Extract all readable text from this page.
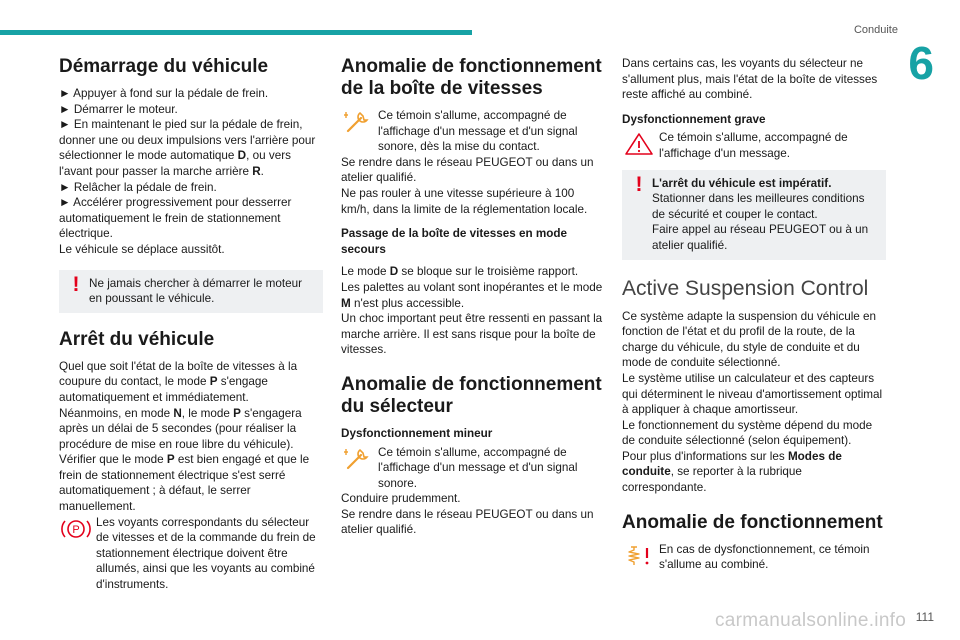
Conduite
6
Démarrage du véhicule

► Appuyer à fond sur la pédale de frein.

► Démarrer le moteur.

► En maintenant le pied sur la pédale de frein, donner une ou deux impulsions vers l'arrière pour sélectionner le mode automatique D, ou vers l'avant pour passer la marche arrière R.

► Relâcher la pédale de frein.

► Accélérer progressivement pour desserrer automatiquement le frein de stationnement électrique.

Le véhicule se déplace aussitôt.

! Ne jamais chercher à démarrer le moteur en poussant le véhicule.

Arrêt du véhicule

Quel que soit l'état de la boîte de vitesses à la coupure du contact, le mode P s'engage automatiquement et immédiatement.

Néanmoins, en mode N, le mode P s'engagera après un délai de 5 secondes (pour réaliser la procédure de mise en roue libre du véhicule).

Vérifier que le mode P est bien engagé et que le frein de stationnement électrique s'est serré automatiquement ; à défaut, le serrer manuellement.

P

Les voyants correspondants du sélecteur de vitesses et de la commande du frein de stationnement électrique doivent être allumés, ainsi que les voyants au combiné d'instruments.

Anomalie de fonctionnement de la boîte de vitesses

Ce témoin s'allume, accompagné de l'affichage d'un message et d'un signal sonore, dès la mise du contact.

Se rendre dans le réseau PEUGEOT ou dans un atelier qualifié.

Ne pas rouler à une vitesse supérieure à 100 km/h, dans la limite de la réglementation locale.

Passage de la boîte de vitesses en mode secours

Le mode D se bloque sur le troisième rapport.

Les palettes au volant sont inopérantes et le mode M n'est plus accessible.

Un choc important peut être ressenti en passant la marche arrière. Il est sans risque pour la boîte de vitesses.

Anomalie de fonctionnement du sélecteur
Dysfonctionnement mineur

Ce témoin s'allume, accompagné de l'affichage d'un message et d'un signal sonore.

Conduire prudemment.

Se rendre dans le réseau PEUGEOT ou dans un atelier qualifié.

Dans certains cas, les voyants du sélecteur ne s'allument plus, mais l'état de la boîte de vitesses reste affiché au combiné.

Dysfonctionnement grave

Ce témoin s'allume, accompagné de l'affichage d'un message.

! L'arrêt du véhicule est impératif.

Stationner dans les meilleures conditions de sécurité et couper le contact.

Faire appel au réseau PEUGEOT ou à un atelier qualifié.

Active Suspension Control

Ce système adapte la suspension du véhicule en fonction de l'état et du profil de la route, de la charge du véhicule, du style de conduite et du mode de conduite sélectionné.

Le système utilise un calculateur et des capteurs qui déterminent le niveau d'amortissement optimal à appliquer à chaque amortisseur.

Le fonctionnement du système dépend du mode de conduite sélectionné (selon équipement).

Pour plus d'informations sur les Modes de conduite, se reporter à la rubrique correspondante.

Anomalie de fonctionnement

En cas de dysfonctionnement, ce témoin s'allume au combiné.

carmanualsonline.info 111
